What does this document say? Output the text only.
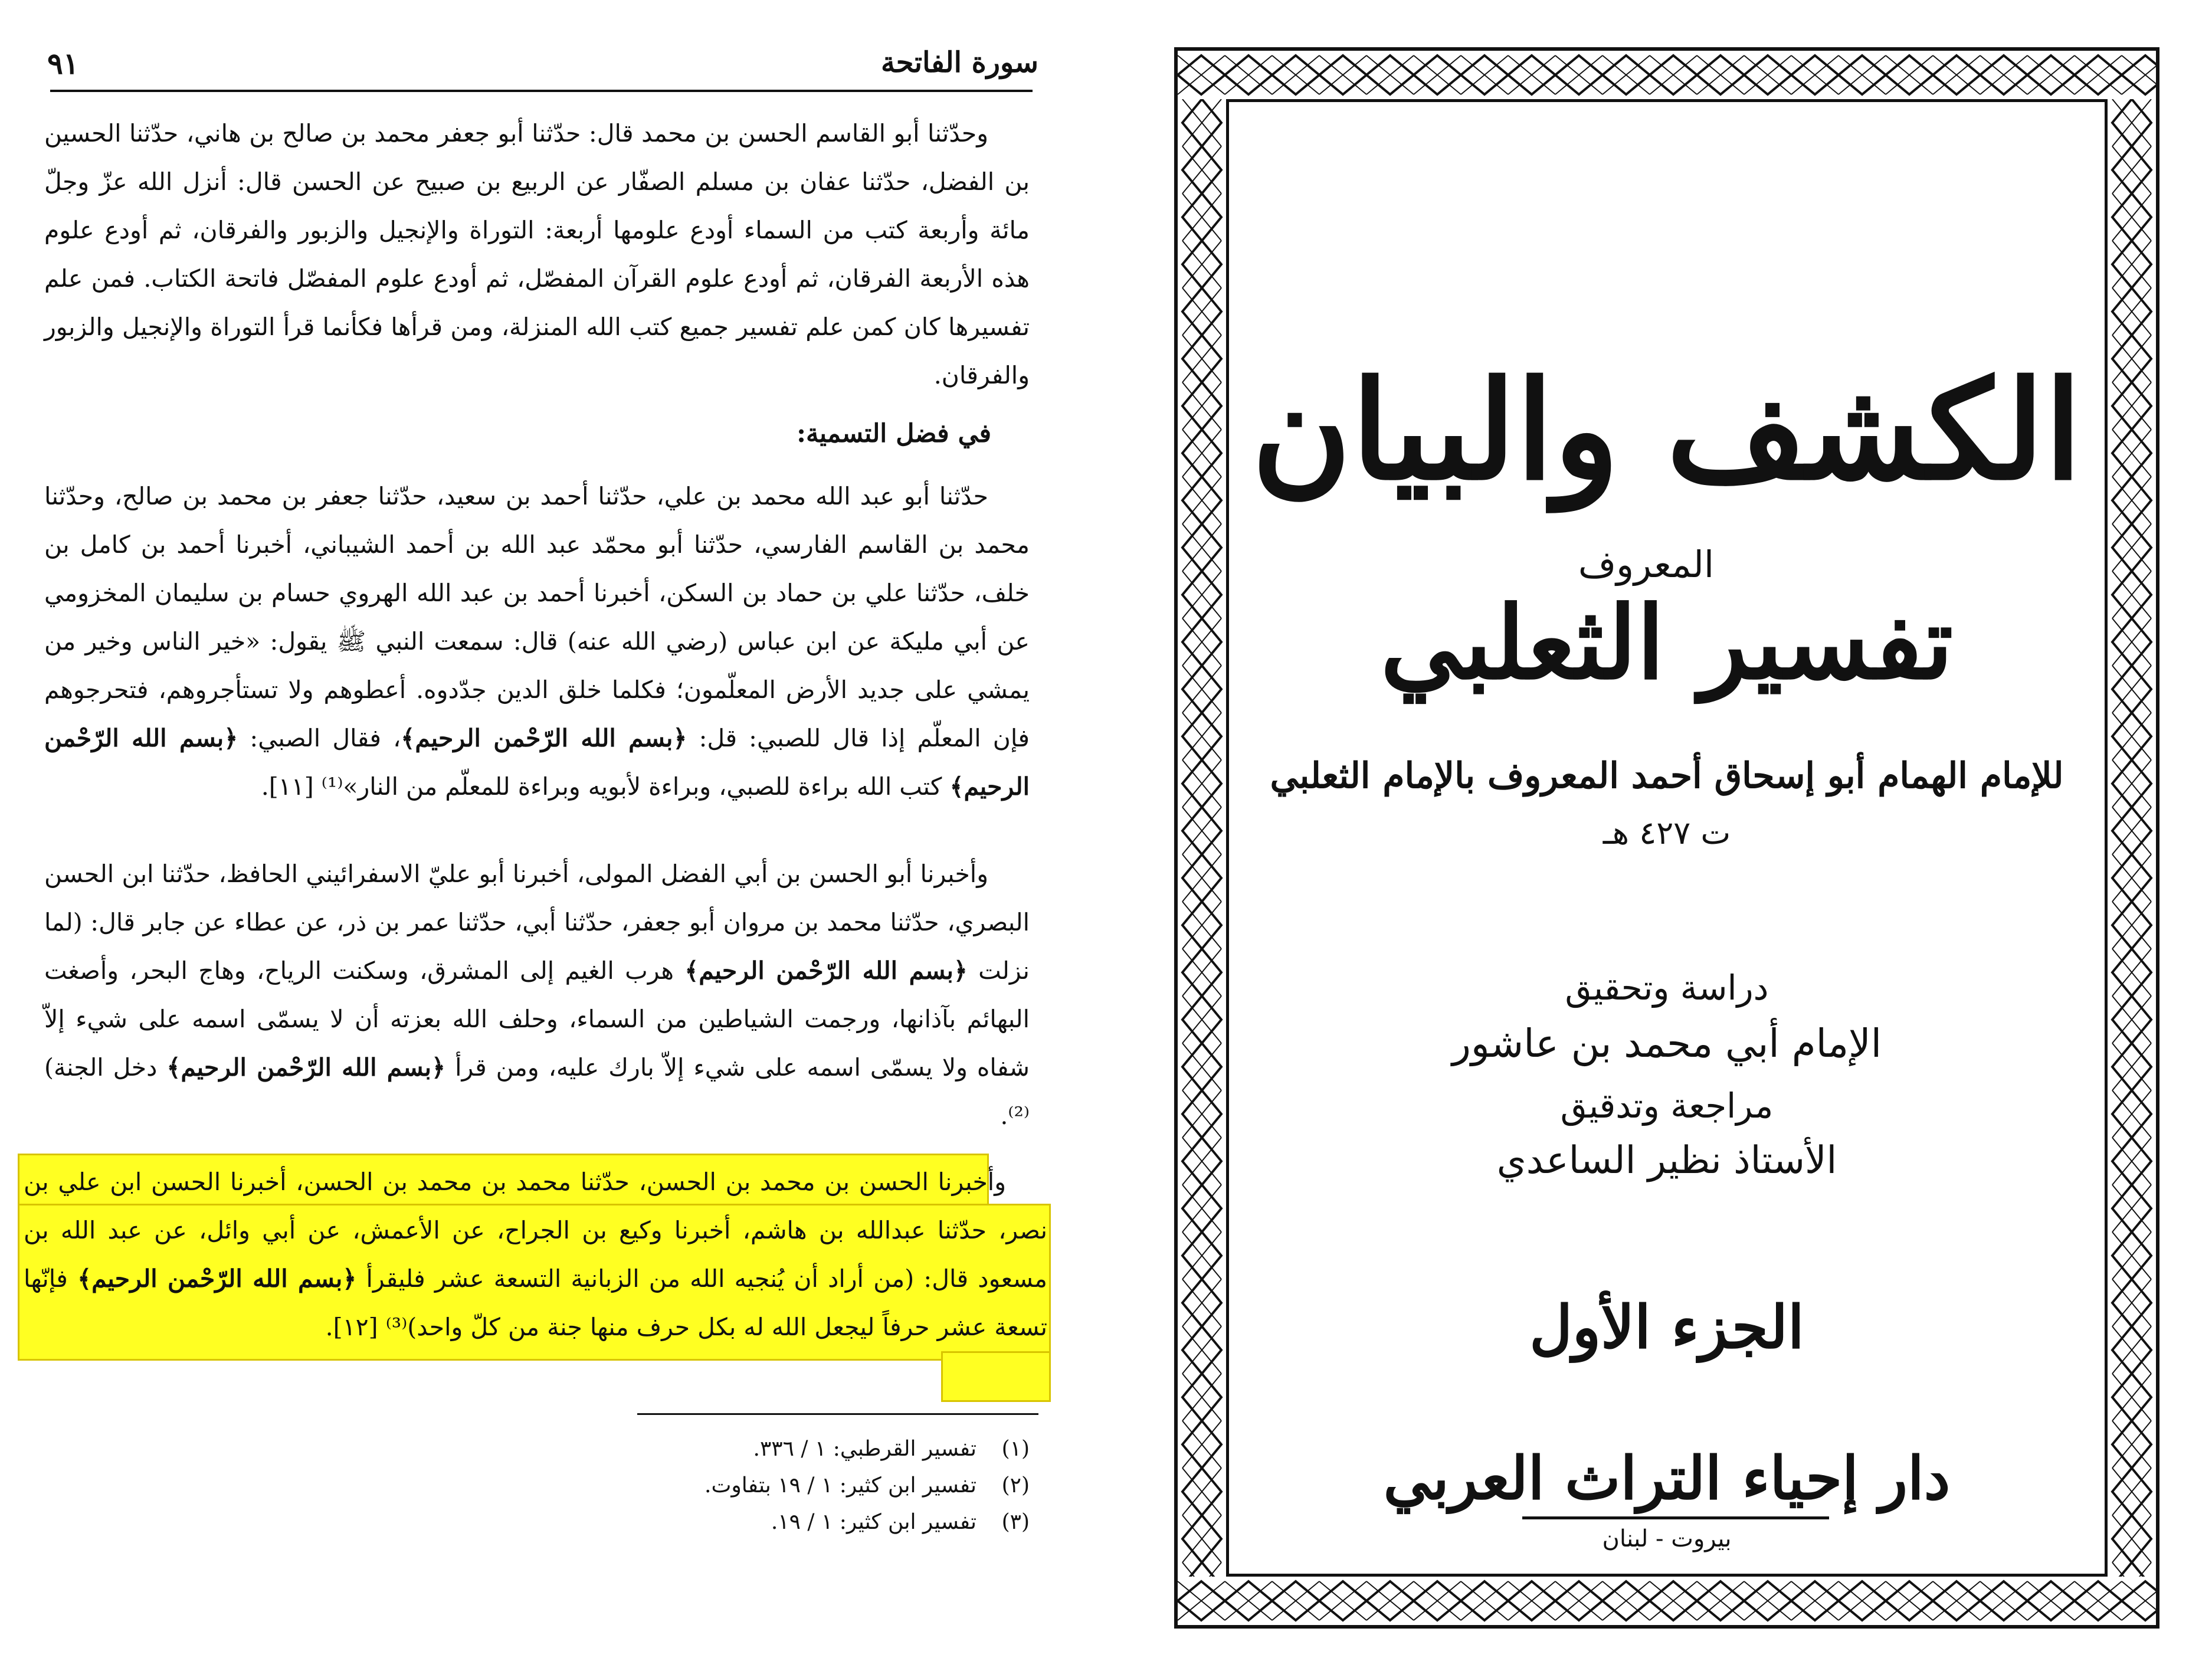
٩١	سورة الفاتحة

وحدّثنا أبو القاسم الحسن بن محمد قال: حدّثنا أبو جعفر محمد بن صالح بن هاني، حدّثنا الحسين بن الفضل، حدّثنا عفان بن مسلم الصفّار عن الربيع بن صبيح عن الحسن قال: أنزل الله عزّ وجلّ مائة وأربعة كتب من السماء أودع علومها أربعة: التوراة والإنجيل والزبور والفرقان، ثم أودع علوم هذه الأربعة الفرقان، ثم أودع علوم القرآن المفصّل، ثم أودع علوم المفصّل فاتحة الكتاب. فمن علم تفسيرها كان كمن علم تفسير جميع كتب الله المنزلة، ومن قرأها فكأنما قرأ التوراة والإنجيل والزبور والفرقان.

في فضل التسمية:

حدّثنا أبو عبد الله محمد بن علي، حدّثنا أحمد بن سعيد، حدّثنا جعفر بن محمد بن صالح، وحدّثنا محمد بن القاسم الفارسي، حدّثنا أبو محمّد عبد الله بن أحمد الشيباني، أخبرنا أحمد بن كامل بن خلف، حدّثنا علي بن حماد بن السكن، أخبرنا أحمد بن عبد الله الهروي حسام بن سليمان المخزومي عن أبي مليكة عن ابن عباس (رضي الله عنه) قال: سمعت النبي ﷺ يقول: «خير الناس وخير من يمشي على جديد الأرض المعلّمون؛ فكلما خلق الدين جدّدوه. أعطوهم ولا تستأجروهم، فتحرجوهم فإن المعلّم إذا قال للصبي: قل: ﴿بسم الله الرّحْمن الرحيم﴾، فقال الصبي: ﴿بسم الله الرّحْمن الرحيم﴾ كتب الله براءة للصبي، وبراءة لأبويه وبراءة للمعلّم من النار»⁽¹⁾ [١١].

وأخبرنا أبو الحسن بن أبي الفضل المولى، أخبرنا أبو عليّ الاسفرائيني الحافظ، حدّثنا ابن الحسن البصري، حدّثنا محمد بن مروان أبو جعفر، حدّثنا أبي، حدّثنا عمر بن ذر، عن عطاء عن جابر قال: (لما نزلت ﴿بسم الله الرّحْمن الرحيم﴾ هرب الغيم إلى المشرق، وسكنت الرياح، وهاج البحر، وأصغت البهائم بآذانها، ورجمت الشياطين من السماء، وحلف الله بعزته أن لا يسمّى اسمه على شيء إلاّ شفاه ولا يسمّى اسمه على شيء إلاّ بارك عليه، ومن قرأ ﴿بسم الله الرّحْمن الرحيم﴾ دخل الجنة)⁽²⁾.

وأخبرنا الحسن بن محمد بن الحسن، حدّثنا محمد بن محمد بن الحسن، أخبرنا الحسن ابن علي بن نصر، حدّثنا عبدالله بن هاشم، أخبرنا وكيع بن الجراح، عن الأعمش، عن أبي وائل، عن عبد الله بن مسعود قال: (من أراد أن يُنجيه الله من الزبانية التسعة عشر فليقرأ ﴿بسم الله الرّحْمن الرحيم﴾ فإنّها تسعة عشر حرفاً ليجعل الله له بكل حرف منها جنة من كلّ واحد)⁽³⁾ [١٢].

(١)تفسير القرطبي: ١ / ٣٣٦.
(٢)تفسير ابن كثير: ١ / ١٩ بتفاوت.
(٣)تفسير ابن كثير: ١ / ١٩.
الكشف والبيان
المعروف
تفسير الثعلبي
للإمام الهمام أبو إسحاق أحمد المعروف بالإمام الثعلبي
ت ٤٢٧ هـ
دراسة وتحقيق
الإمام أبي محمد بن عاشور
مراجعة وتدقيق
الأستاذ نظير الساعدي
الجزء الأول
دار إحياء التراث العربي
بيروت - لبنان
